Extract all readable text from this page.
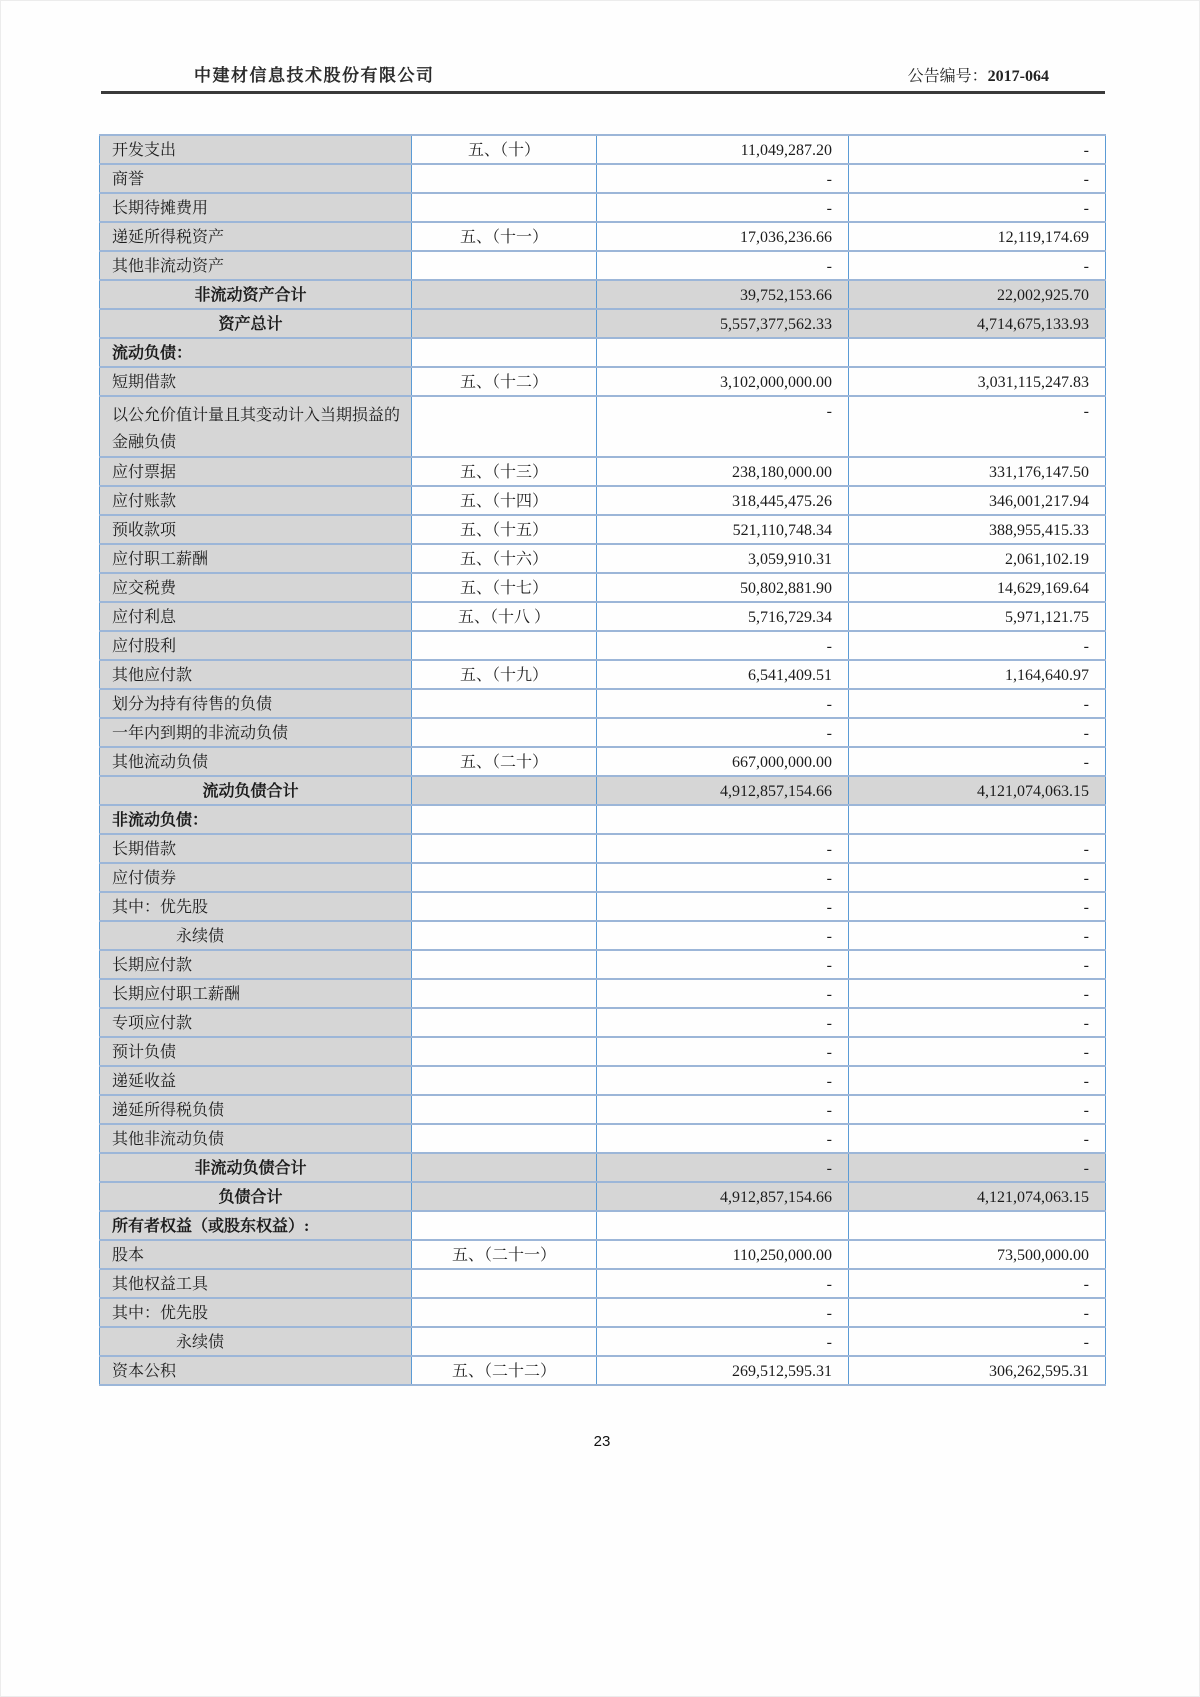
中建材信息技术股份有限公司	公告编号：2017-064
开发支出	五、（十）	11,049,287.20	-
商誉		-	-
长期待摊费用		-	-
递延所得税资产	五、（十一）	17,036,236.66	12,119,174.69
其他非流动资产		-	-
非流动资产合计		39,752,153.66	22,002,925.70
资产总计		5,557,377,562.33	4,714,675,133.93
流动负债：			
短期借款	五、（十二）	3,102,000,000.00	3,031,115,247.83
以公允价值计量且其变动计入当期损益的金融负债		-	-
应付票据	五、（十三）	238,180,000.00	331,176,147.50
应付账款	五、（十四）	318,445,475.26	346,001,217.94
预收款项	五、（十五）	521,110,748.34	388,955,415.33
应付职工薪酬	五、（十六）	3,059,910.31	2,061,102.19
应交税费	五、（十七）	50,802,881.90	14,629,169.64
应付利息	五、（十八 ）	5,716,729.34	5,971,121.75
应付股利		-	-
其他应付款	五、（十九）	6,541,409.51	1,164,640.97
划分为持有待售的负债		-	-
一年内到期的非流动负债		-	-
其他流动负债	五、（二十）	667,000,000.00	-
流动负债合计		4,912,857,154.66	4,121,074,063.15
非流动负债：			
长期借款		-	-
应付债券		-	-
其中：优先股		-	-
永续债		-	-
长期应付款		-	-
长期应付职工薪酬		-	-
专项应付款		-	-
预计负债		-	-
递延收益		-	-
递延所得税负债		-	-
其他非流动负债		-	-
非流动负债合计		-	-
负债合计		4,912,857,154.66	4,121,074,063.15
所有者权益（或股东权益）:			
股本	五、（二十一）	110,250,000.00	73,500,000.00
其他权益工具		-	-
其中：优先股		-	-
永续债		-	-
资本公积	五、（二十二）	269,512,595.31	306,262,595.31
23
